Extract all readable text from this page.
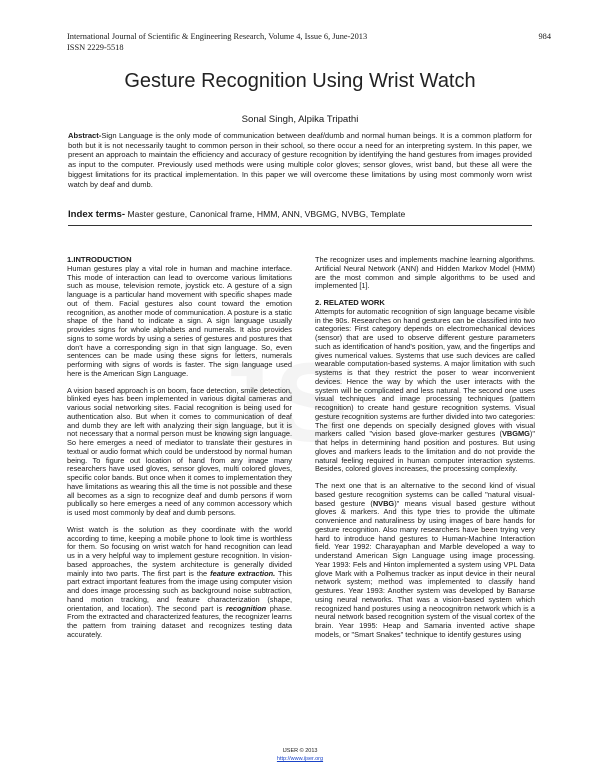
International Journal of Scientific & Engineering Research, Volume 4, Issue 6, June-2013
ISSN 2229-5518
984
Gesture Recognition Using Wrist Watch
Sonal Singh, Alpika Tripathi
Abstract-Sign Language is the only mode of communication between deaf/dumb and normal human beings. It is a common platform for both but it is not necessarily taught to common person in their school, so there occur a need for an interpreting system. In this paper, we present an approach to maintain the efficiency and accuracy of gesture recognition by identifying the hand gestures from images provided as input to the computer. Previously used methods were using multiple color gloves; sensor gloves, wrist band, but these all were the biggest limitations for its practical implementation. In this paper we will overcome these limitations by using most commonly worn wrist watch by deaf and dumb.
Index terms- Master gesture, Canonical frame, HMM, ANN, VBGMG, NVBG, Template
1.INTRODUCTION

Human gestures play a vital role in human and machine interface. This mode of interaction can lead to overcome various limitations such as mouse, television remote, joystick etc. A gesture of a sign language is a particular hand movement with specific shapes made out of them. Facial gestures also count toward the emotion recognition, as another mode of communication. A posture is a static shape of the hand to indicate a sign. A sign language usually provides signs for whole alphabets and numerals. It also provides signs to some words by using a series of gestures and postures that don't have a corresponding sign in that sign language. So, even sentences can be made using these signs for letters, numerals performing with signs of words is faster. The sign language used here is the American Sign Language.

A vision based approach is on boom, face detection, smile detection, blinked eyes has been implemented in various digital cameras and various social networking sites. Facial recognition is being used for authentication also. But when it comes to communication of deaf and dumb they are left with analyzing their sign language, but it is not necessary that a normal person must be knowing sign language. So here emerges a need of mediator to translate their gestures in textual or audio format which could be understood by normal human being. To figure out location of hand from any image many researchers have used gloves, sensor gloves, multi colored gloves, specific color bands. But once when it comes to implementation they have limitations as wearing this all the time is not possible and these all becomes as a sign to recognize deaf and dumb persons if worn publically so here emerges a need of any common accessory which is used most commonly by deaf and dumb persons.

Wrist watch is the solution as they coordinate with the world according to time, keeping a mobile phone to look time is worthless for them. So focusing on wrist watch for hand recognition can lead us in a very helpful way to implement gesture recognition. In vision-based approaches, the system architecture is generally divided mainly into two parts. The first part is the feature extraction. This part extract important features from the image using computer vision and does image processing such as background noise subtraction, hand motion tracking, and feature characterization (shape, orientation, and location). The second part is recognition phase. From the extracted and characterized features, the recognizer learns the pattern from training dataset and recognizes testing data accurately.

The recognizer uses and implements machine learning algorithms. Artificial Neural Network (ANN) and Hidden Markov Model (HMM) are the most common and simple algorithms to be used and implemented [1].

2. RELATED WORK

Attempts for automatic recognition of sign language became visible in the 90s. Researches on hand gestures can be classified into two categories: First category depends on electromechanical devices (sensor) that are used to observe different gesture parameters such as identification of hand's position, yaw, and the fingertips and gives numerical values. Systems that use such devices are called wearable computation-based systems. A major limitation with such systems is that they restrict the poser to wear inconvenient devices. Hence the way by which the user interacts with the system will be complicated and less natural. The second one uses visual techniques and image processing techniques (pattern recognition) to create hand gesture recognition systems. Visual gesture recognition systems are further divided into two categories: The first one depends on specially designed gloves with visual markers called "vision based glove-marker gestures (VBGMG)" that helps in determining hand position and postures. But using gloves and markers leads to the limitation and do not provide the natural feeling required in human computer interaction systems. Besides, colored gloves increases, the processing complexity.

The next one that is an alternative to the second kind of visual based gesture recognition systems can be called "natural visual-based gesture (NVBG)" means visual based gesture without gloves & markers. And this type tries to provide the ultimate convenience and naturaliness by using images of bare hands for gesture recognition. Also many researchers have been trying very hard to introduce hand gestures to Human-Machine Interaction field. Year 1992: Charayaphan and Marble developed a way to understand American Sign Language using image processing. Year 1993: Fels and Hinton implemented a system using VPL Data glove Mark with a Polhemus tracker as input device in their neural network system; method was implemented to classify hand gestures. Year 1993: Another system was developed by Banarse using neural networks. That was a vision-based system which recognized hand postures using a neocognitron network which is a neural network based recognition system of the visual cortex of the brain. Year 1995: Heap and Samaria invented active shape models, or "Smart Snakes" technique to identify gestures using

IJSER © 2013
http://www.ijser.org
